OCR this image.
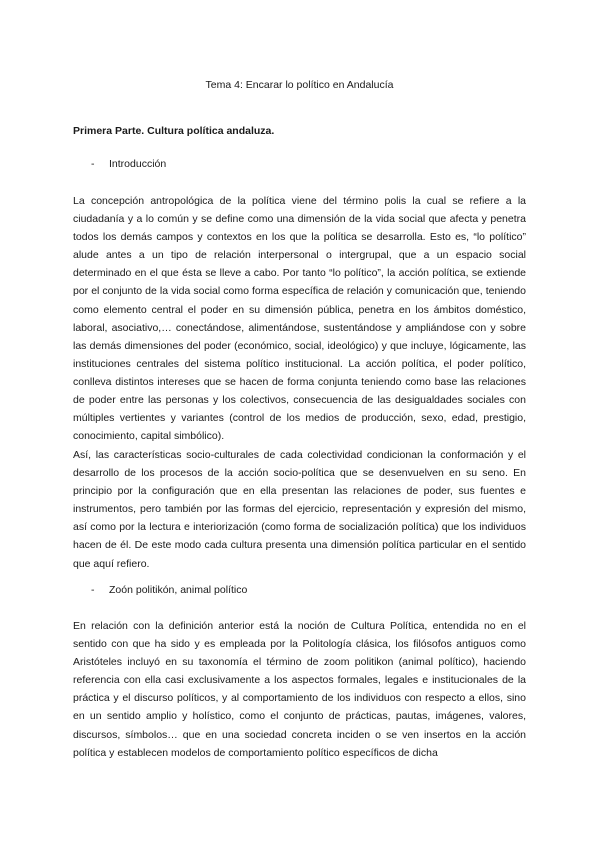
Tema 4: Encarar lo político en Andalucía
Primera Parte. Cultura política andaluza.
- Introducción

La concepción antropológica de la política viene del término polis la cual se refiere a la ciudadanía y a lo común y se define como una dimensión de la vida social que afecta y penetra todos los demás campos y contextos en los que la política se desarrolla. Esto es, “lo político” alude antes a un tipo de relación interpersonal o intergrupal, que a un espacio social determinado en el que ésta se lleve a cabo. Por tanto “lo político”, la acción política, se extiende por el conjunto de la vida social como forma específica de relación y comunicación que, teniendo como elemento central el poder en su dimensión pública, penetra en los ámbitos doméstico, laboral, asociativo,… conectándose, alimentándose, sustentándose y ampliándose con y sobre las demás dimensiones del poder (económico, social, ideológico) y que incluye, lógicamente, las instituciones centrales del sistema político institucional. La acción política, el poder político, conlleva distintos intereses que se hacen de forma conjunta teniendo como base las relaciones de poder entre las personas y los colectivos, consecuencia de las desigualdades sociales con múltiples vertientes y variantes (control de los medios de producción, sexo, edad, prestigio, conocimiento, capital simbólico).

Así, las características socio-culturales de cada colectividad condicionan la conformación y el desarrollo de los procesos de la acción socio-política que se desenvuelven en su seno. En principio por la configuración que en ella presentan las relaciones de poder, sus fuentes e instrumentos, pero también por las formas del ejercicio, representación y expresión del mismo, así como por la lectura e interiorización (como forma de socialización política) que los individuos hacen de él. De este modo cada cultura presenta una dimensión política particular en el sentido que aquí refiero.

- Zoón politikón, animal político

En relación con la definición anterior está la noción de Cultura Política, entendida no en el sentido con que ha sido y es empleada por la Politología clásica, los filósofos antiguos como Aristóteles incluyó en su taxonomía el término de zoom politikon (animal político), haciendo referencia con ella casi exclusivamente a los aspectos formales, legales e institucionales de la práctica y el discurso políticos, y al comportamiento de los individuos con respecto a ellos, sino en un sentido amplio y holístico, como el conjunto de prácticas, pautas, imágenes, valores, discursos, símbolos… que en una sociedad concreta inciden o se ven insertos en la acción política y establecen modelos de comportamiento político específicos de dicha
